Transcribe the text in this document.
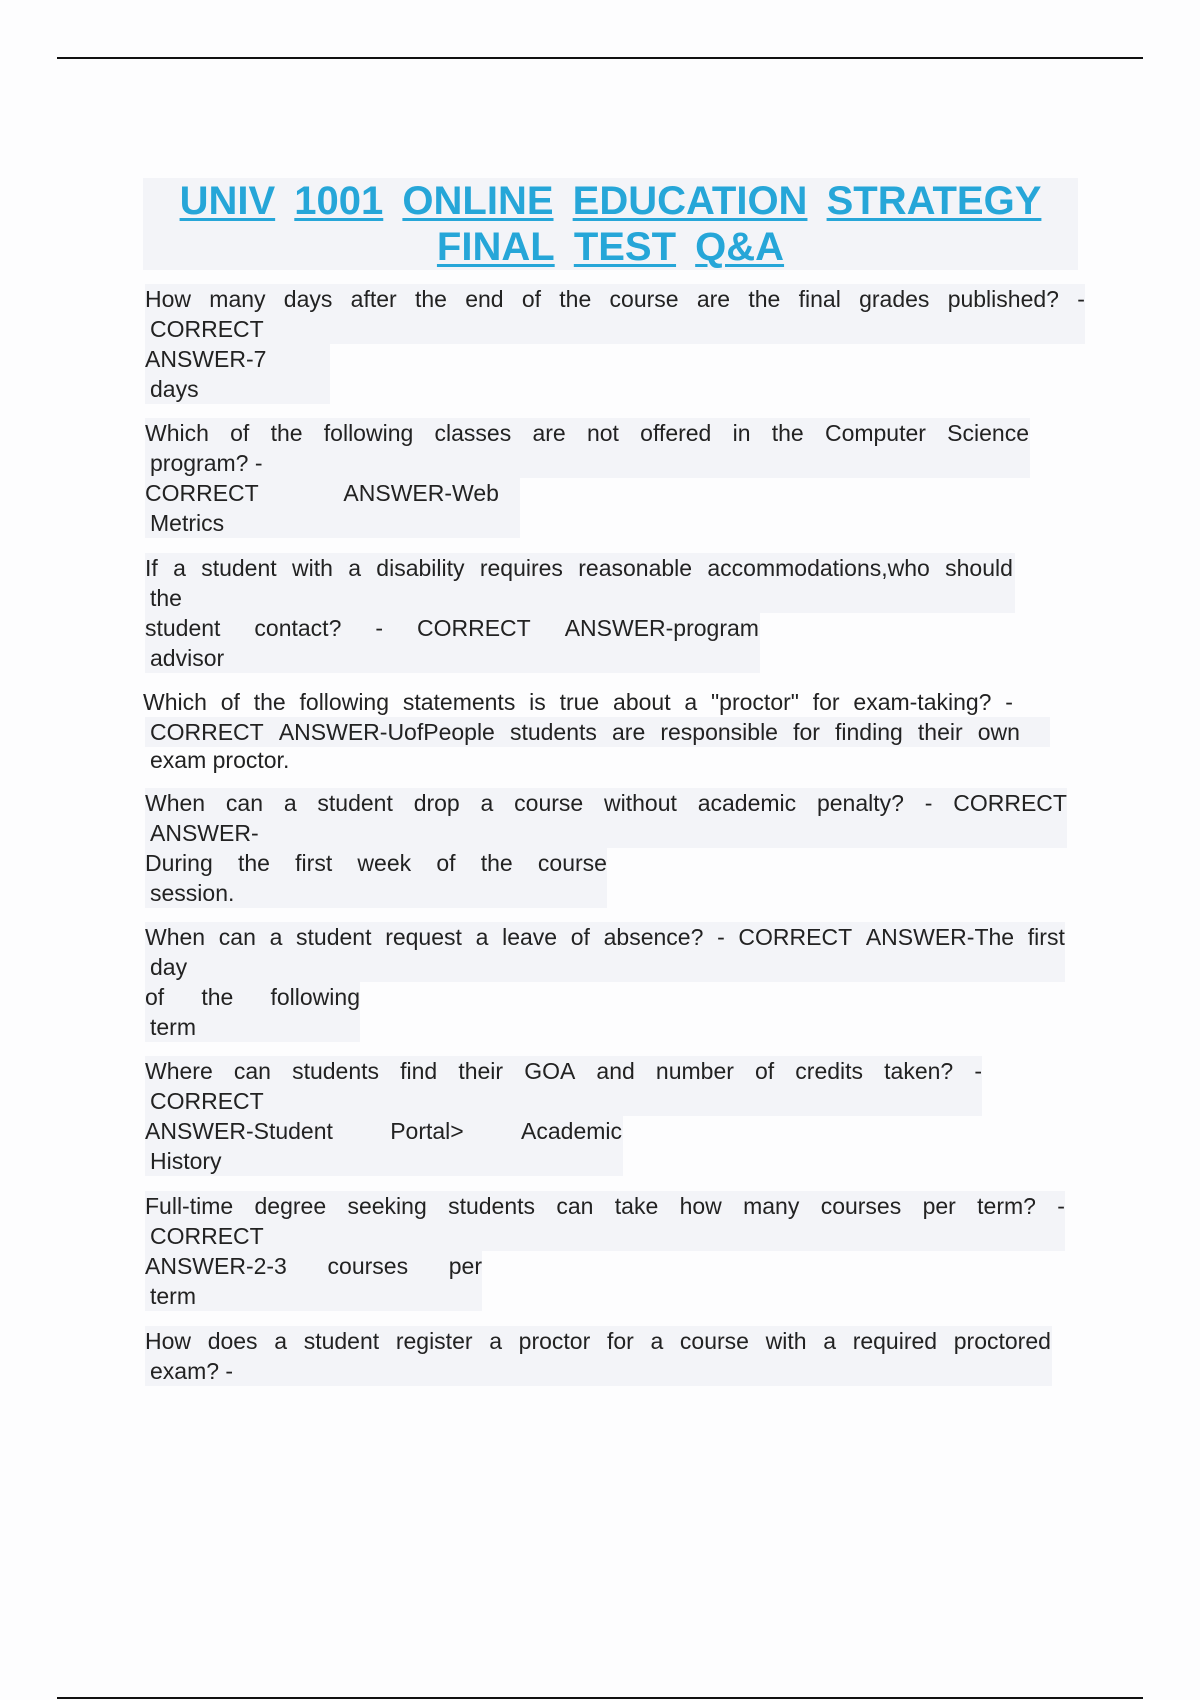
UNIV 1001 ONLINE EDUCATION STRATEGY
FINAL TEST Q&A
How many days after the end of the course are the final grades published? -
CORRECT
ANSWER-7
days
Which of the following classes are not offered in the Computer Science
program? -
CORRECT ANSWER-Web
Metrics
If a student with a disability requires reasonable accommodations,who should
the
student contact? - CORRECT ANSWER-program
advisor
Which of the following statements is true about a "proctor" for exam-taking? -
CORRECT ANSWER-UofPeople students are responsible for finding their own
exam proctor.
When can a student drop a course without academic penalty? - CORRECT
ANSWER-
During the first week of the course
session.
When can a student request a leave of absence? - CORRECT ANSWER-The first
day
of the following
term
Where can students find their GOA and number of credits taken? -
CORRECT
ANSWER-Student Portal> Academic
History
Full-time degree seeking students can take how many courses per term? -
CORRECT
ANSWER-2-3 courses per
term
How does a student register a proctor for a course with a required proctored
exam? -
